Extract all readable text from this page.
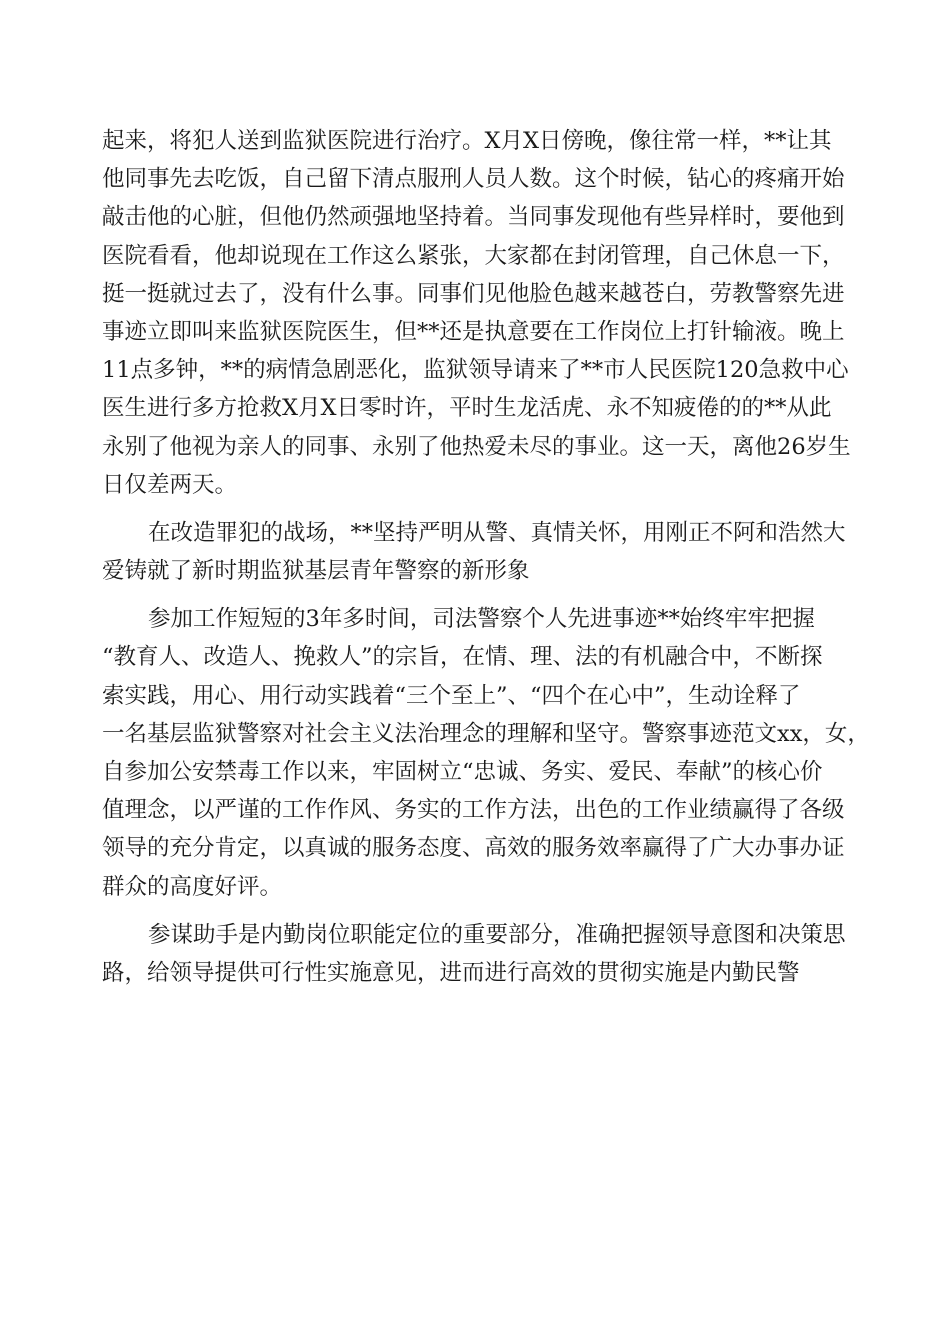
起来，将犯人送到监狱医院进行治疗。X月X日傍晚，像往常一样，**让其
他同事先去吃饭，自己留下清点服刑人员人数。这个时候，钻心的疼痛开始
敲击他的心脏，但他仍然顽强地坚持着。当同事发现他有些异样时，要他到
医院看看，他却说现在工作这么紧张，大家都在封闭管理，自己休息一下，
挺一挺就过去了，没有什么事。同事们见他脸色越来越苍白，劳教警察先进
事迹立即叫来监狱医院医生，但**还是执意要在工作岗位上打针输液。晚上
11点多钟，**的病情急剧恶化，监狱领导请来了**市人民医院120急救中心
医生进行多方抢救X月X日零时许，平时生龙活虎、永不知疲倦的的**从此
永别了他视为亲人的同事、永别了他热爱未尽的事业。这一天，离他26岁生
日仅差两天。
在改造罪犯的战场，**坚持严明从警、真情关怀，用刚正不阿和浩然大
爱铸就了新时期监狱基层青年警察的新形象
参加工作短短的3年多时间，司法警察个人先进事迹**始终牢牢把握
“教育人、改造人、挽救人”的宗旨，在情、理、法的有机融合中，不断探
索实践，用心、用行动实践着“三个至上”、“四个在心中”，生动诠释了
一名基层监狱警察对社会主义法治理念的理解和坚守。警察事迹范文xx，女，
自参加公安禁毒工作以来，牢固树立“忠诚、务实、爱民、奉献”的核心价
值理念，以严谨的工作作风、务实的工作方法，出色的工作业绩赢得了各级
领导的充分肯定，以真诚的服务态度、高效的服务效率赢得了广大办事办证
群众的高度好评。
参谋助手是内勤岗位职能定位的重要部分，准确把握领导意图和决策思
路，给领导提供可行性实施意见，进而进行高效的贯彻实施是内勤民警
